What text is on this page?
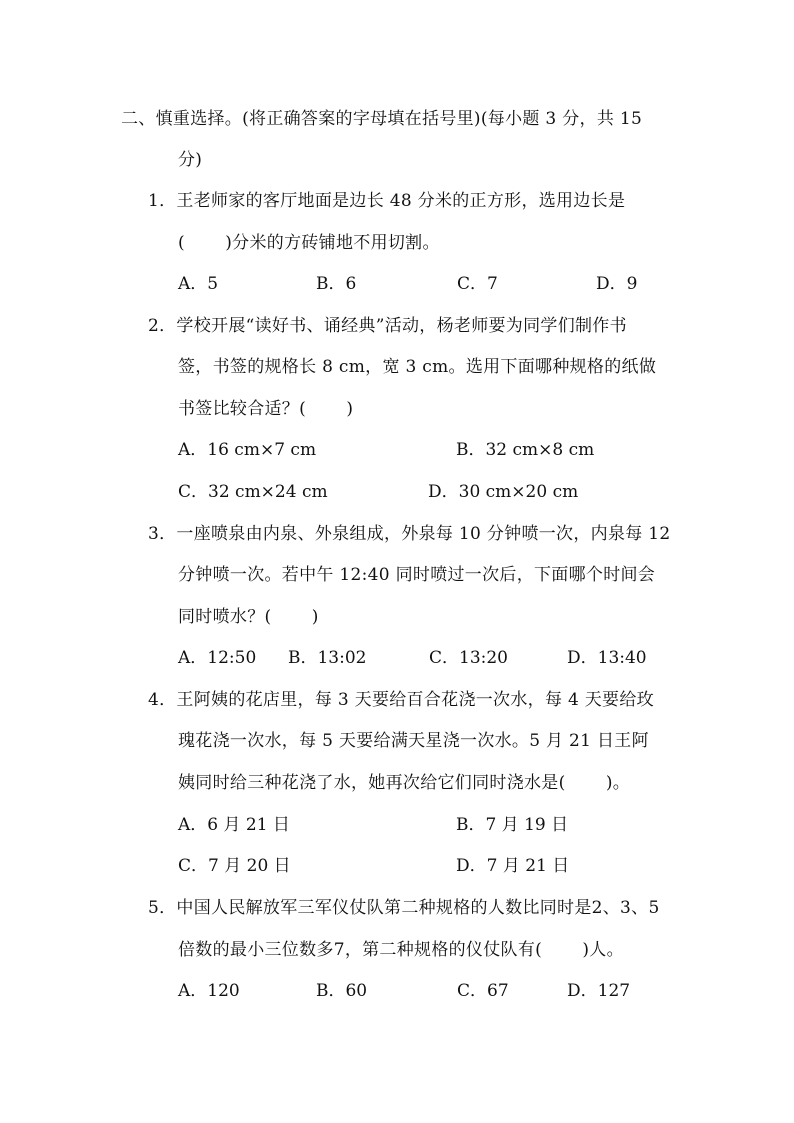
二、慎重选择。(将正确答案的字母填在括号里)(每小题 3 分，共 15
分)
1．王老师家的客厅地面是边长 48 分米的正方形，选用边长是
(　　 )分米的方砖铺地不用切割。
A．5	B．6	C．7	D．9
2．学校开展“读好书、诵经典”活动，杨老师要为同学们制作书
签，书签的规格长 8 cm，宽 3 cm。选用下面哪种规格的纸做
书签比较合适？(　　 )
A．16 cm×7 cm	B．32 cm×8 cm
C．32 cm×24 cm	D．30 cm×20 cm
3．一座喷泉由内泉、外泉组成，外泉每 10 分钟喷一次，内泉每 12
分钟喷一次。若中午 12:40 同时喷过一次后，下面哪个时间会
同时喷水？(　　 )
A．12:50 B．13:02	C．13:20	D．13:40
4．王阿姨的花店里，每 3 天要给百合花浇一次水，每 4 天要给玫
瑰花浇一次水，每 5 天要给满天星浇一次水。5 月 21 日王阿
姨同时给三种花浇了水，她再次给它们同时浇水是(　　 )。
A．6 月 21 日	B．7 月 19 日
C．7 月 20 日	D．7 月 21 日
5．中国人民解放军三军仪仗队第二种规格的人数比同时是2、3、5
倍数的最小三位数多7，第二种规格的仪仗队有(　　 )人。
A．120	B．60	C．67	D．127
